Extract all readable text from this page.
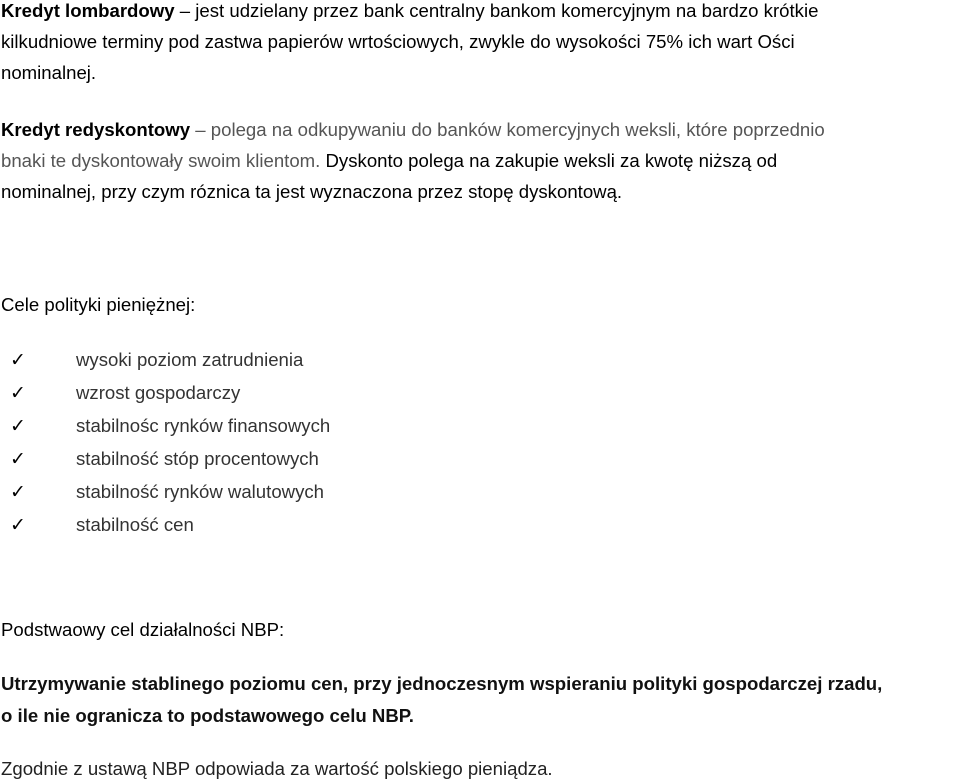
Kredyt lombardowy – jest udzielany przez bank centralny bankom komercyjnym na bardzo krótkie
kilkudniowe terminy pod zastwa papierów wrtościowych, zwykle do wysokości 75% ich wart Ości
nominalnej.
Kredyt redyskontowy – polega na odkupywaniu do banków komercyjnych weksli, które poprzednio
bnaki te dyskontowały swoim klientom. Dyskonto polega na zakupie weksli za kwotę niższą od
nominalnej, przy czym róznica ta jest wyznaczona przez stopę dyskontową.
Cele polityki pieniężnej:
✓	wysoki poziom zatrudnienia
✓	wzrost gospodarczy
✓	stabilnośc rynków finansowych
✓	stabilność stóp procentowych
✓	stabilność rynków walutowych
✓	stabilność cen
Podstwaowy cel działalności NBP:
Utrzymywanie stablinego poziomu cen, przy jednoczesnym wspieraniu polityki gospodarczej rzadu,
o ile nie ogranicza to podstawowego celu NBP.
Zgodnie z ustawą NBP odpowiada za wartość polskiego pieniądza.
